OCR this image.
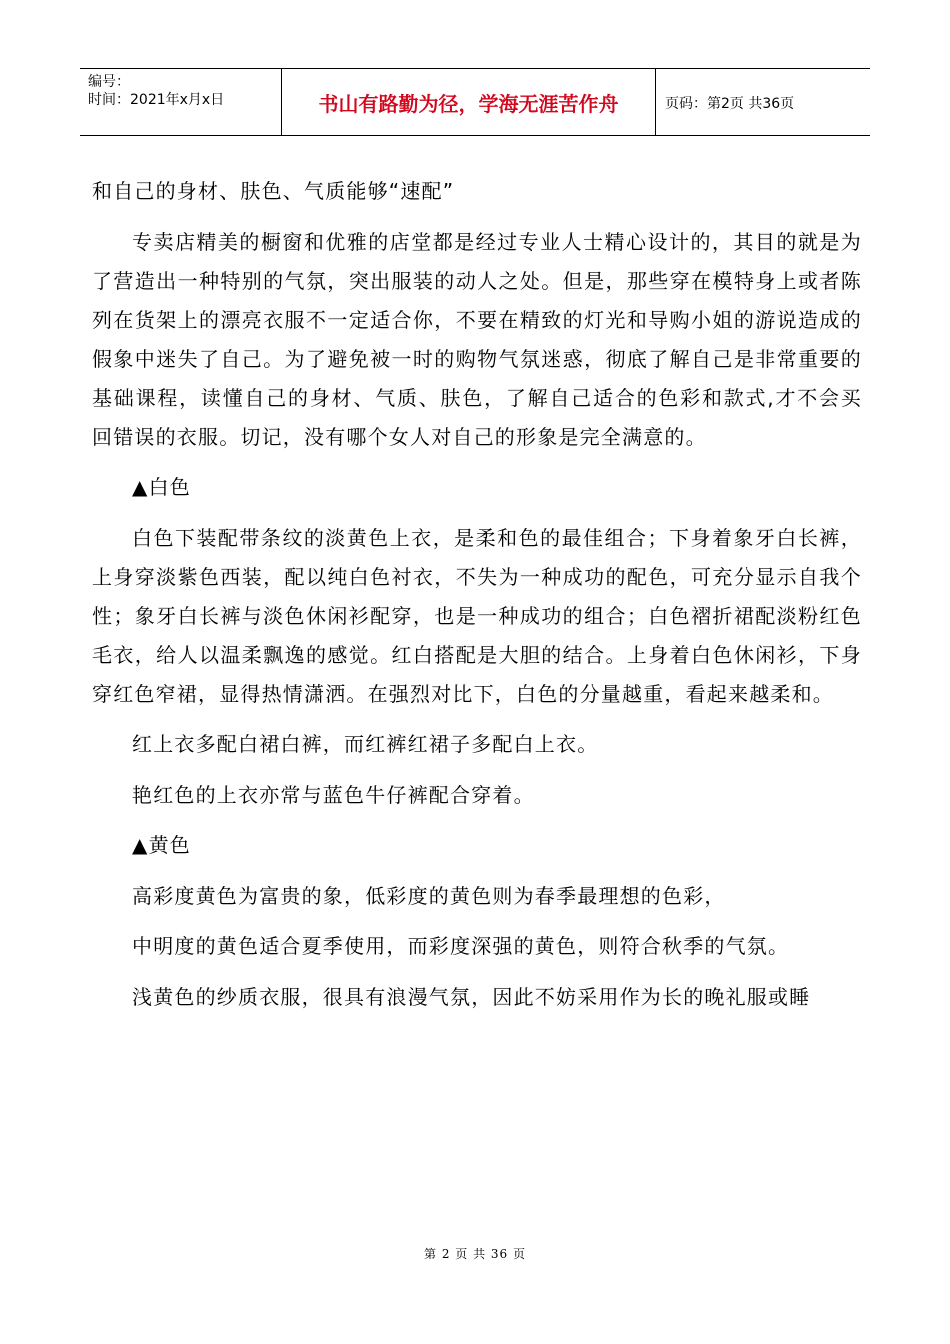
编号：
时间：2021年x月x日	书山有路勤为径，学海无涯苦作舟	页码：第2页 共36页

和自己的身材、肤色、气质能够“速配”

专卖店精美的橱窗和优雅的店堂都是经过专业人士精心设计的，其目的就是为了营造出一种特别的气氛，突出服装的动人之处。但是，那些穿在模特身上或者陈列在货架上的漂亮衣服不一定适合你，不要在精致的灯光和导购小姐的游说造成的假象中迷失了自己。为了避免被一时的购物气氛迷惑，彻底了解自己是非常重要的基础课程，读懂自己的身材、气质、肤色，了解自己适合的色彩和款式,才不会买回错误的衣服。切记，没有哪个女人对自己的形象是完全满意的。

▲白色

白色下装配带条纹的淡黄色上衣，是柔和色的最佳组合；下身着象牙白长裤，上身穿淡紫色西装，配以纯白色衬衣，不失为一种成功的配色，可充分显示自我个性；象牙白长裤与淡色休闲衫配穿，也是一种成功的组合；白色褶折裙配淡粉红色毛衣，给人以温柔飘逸的感觉。红白搭配是大胆的结合。上身着白色休闲衫，下身 穿红色窄裙，显得热情潇洒。在强烈对比下，白色的分量越重，看起来越柔和。

红上衣多配白裙白裤，而红裤红裙子多配白上衣。

艳红色的上衣亦常与蓝色牛仔裤配合穿着。

▲黄色

高彩度黄色为富贵的象，低彩度的黄色则为春季最理想的色彩，

中明度的黄色适合夏季使用，而彩度深强的黄色，则符合秋季的气氛。

浅黄色的纱质衣服，很具有浪漫气氛，因此不妨采用作为长的晚礼服或睡

第 2 页 共 36 页
